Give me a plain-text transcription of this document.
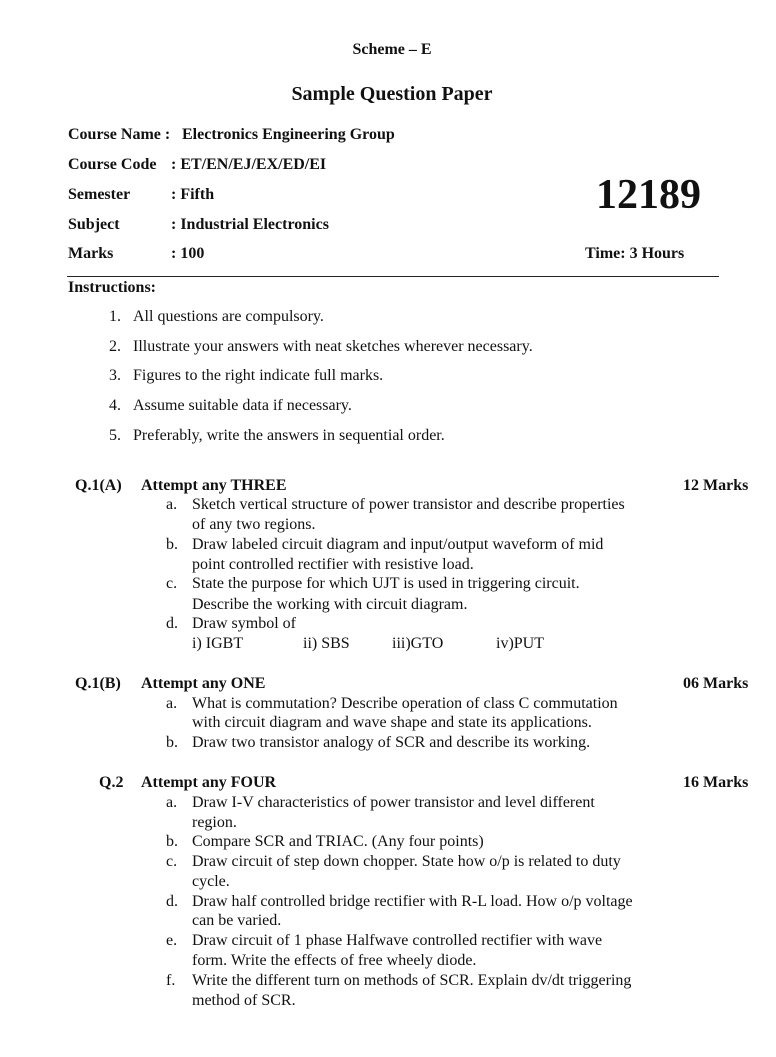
Scheme – E
Sample Question Paper
Course Name : Electronics Engineering Group
Course Code : ET/EN/EJ/EX/ED/EI
Semester	: Fifth
Subject	: Industrial Electronics
Marks	: 100
12189
Time: 3 Hours
Instructions:
1. All questions are compulsory.
2. Illustrate your answers with neat sketches wherever necessary.
3. Figures to the right indicate full marks.
4. Assume suitable data if necessary.
5. Preferably, write the answers in sequential order.
Q.1(A) Attempt any THREE	12 Marks
a. Sketch vertical structure of power transistor and describe properties
of any two regions.
b. Draw labeled circuit diagram and input/output waveform of mid
point controlled rectifier with resistive load.
c. State the purpose for which UJT is used in triggering circuit.
Describe the working with circuit diagram.
d. Draw symbol of
i) IGBT	ii) SBS	iii)GTO	iv)PUT
Q.1(B) Attempt any ONE	06 Marks
a. What is commutation? Describe operation of class C commutation
with circuit diagram and wave shape and state its applications.
b. Draw two transistor analogy of SCR and describe its working.
Q.2 Attempt any FOUR	16 Marks
a. Draw I-V characteristics of power transistor and level different
region.
b. Compare SCR and TRIAC. (Any four points)
c. Draw circuit of step down chopper. State how o/p is related to duty
cycle.
d. Draw half controlled bridge rectifier with R-L load. How o/p voltage
can be varied.
e. Draw circuit of 1 phase Halfwave controlled rectifier with wave
form. Write the effects of free wheely diode.
f. Write the different turn on methods of SCR. Explain dv/dt triggering
method of SCR.
